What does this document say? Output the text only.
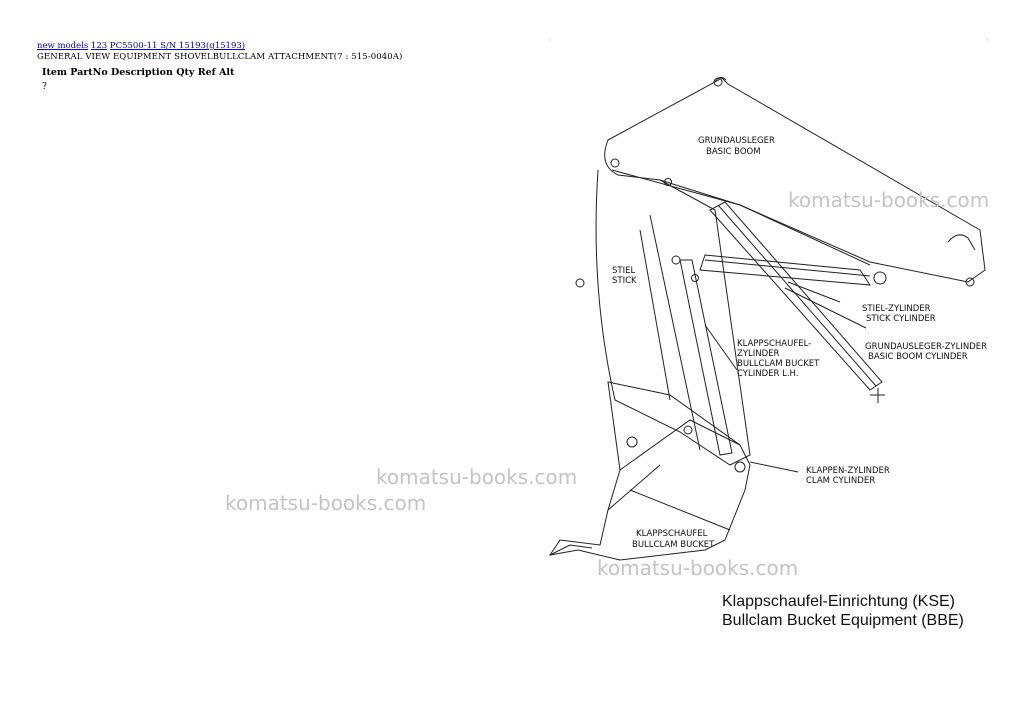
new models 123 PC5500-11 S/N 15193(g15193)
GENERAL VIEW EQUIPMENT SHOVELBULLCLAM ATTACHMENT(7 : 515-0040A)
Item PartNo Description Qty Ref Alt
?
·	·
GRUNDAUSLEGER
BASIC BOOM
STIEL
STICK
STIEL-ZYLINDER
STICK CYLINDER
GRUNDAUSLEGER-ZYLINDER
BASIC BOOM CYLINDER
KLAPPSCHAUFEL-
ZYLINDER
BULLCLAM BUCKET
CYLINDER L.H.
KLAPPEN-ZYLINDER
CLAM CYLINDER
KLAPPSCHAUFEL
BULLCLAM BUCKET
Klappschaufel-Einrichtung (KSE)
Bullclam Bucket Equipment (BBE)
komatsu-books.com
komatsu-books.com
komatsu-books.com
komatsu-books.com
